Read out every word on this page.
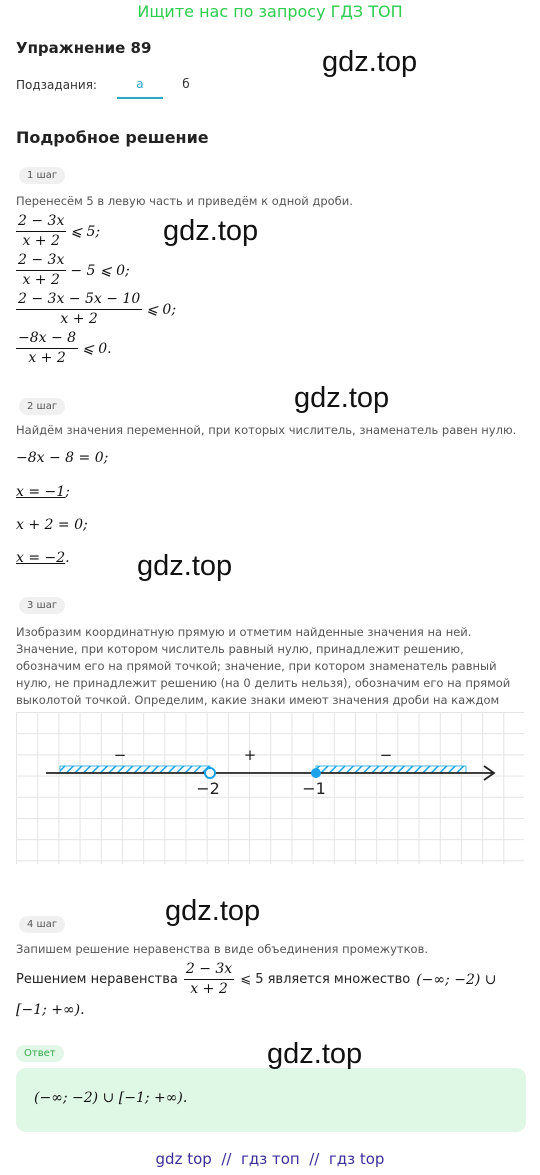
Ищите нас по запросу ГДЗ ТОП
Упражнение 89	gdz.top
Подзадания:	а	б
Подробное решение
1 шаг
Перенесём 5 в левую часть и приведём к одной дроби.
gdz.top
$\frac{2 - 3x}{x + 2}$ ⩽ 5;
$\frac{2 - 3x}{x + 2} - 5$ ⩽ 0;
$\frac{2 - 3x - 5x - 10}{x + 2}$ ⩽ 0;
$\frac{-8x - 8}{x + 2}$ ⩽ 0.
gdz.top
2 шаг
Найдём значения переменной, при которых числитель, знаменатель равен нулю.
−8x − 8 = 0;
x = −1;
x + 2 = 0;
x = −2. gdz.top
3 шаг
Изобразим координатную прямую и отметим найденные значения на ней. Значение, при котором числитель равный нулю, принадлежит решению, обозначим его на прямой точкой; значение, при котором знаменатель равный нулю, не принадлежит решению (на 0 делить нельзя), обозначим его на прямой выколотой точкой. Определим, какие знаки имеют значения дроби на каждом
−	+	−
−2	−1
gdz.top
4 шаг
Запишем решение неравенства в виде объединения промежутков.
Решением неравенства $\frac{2 - 3x}{x + 2}$ ⩽ 5 является множество (−∞; −2) ∪
[−1; +∞).
Ответ
(−∞; −2) ∪ [−1; +∞).
gdz.top
gdz top  //  гдз топ  //  гдз top
